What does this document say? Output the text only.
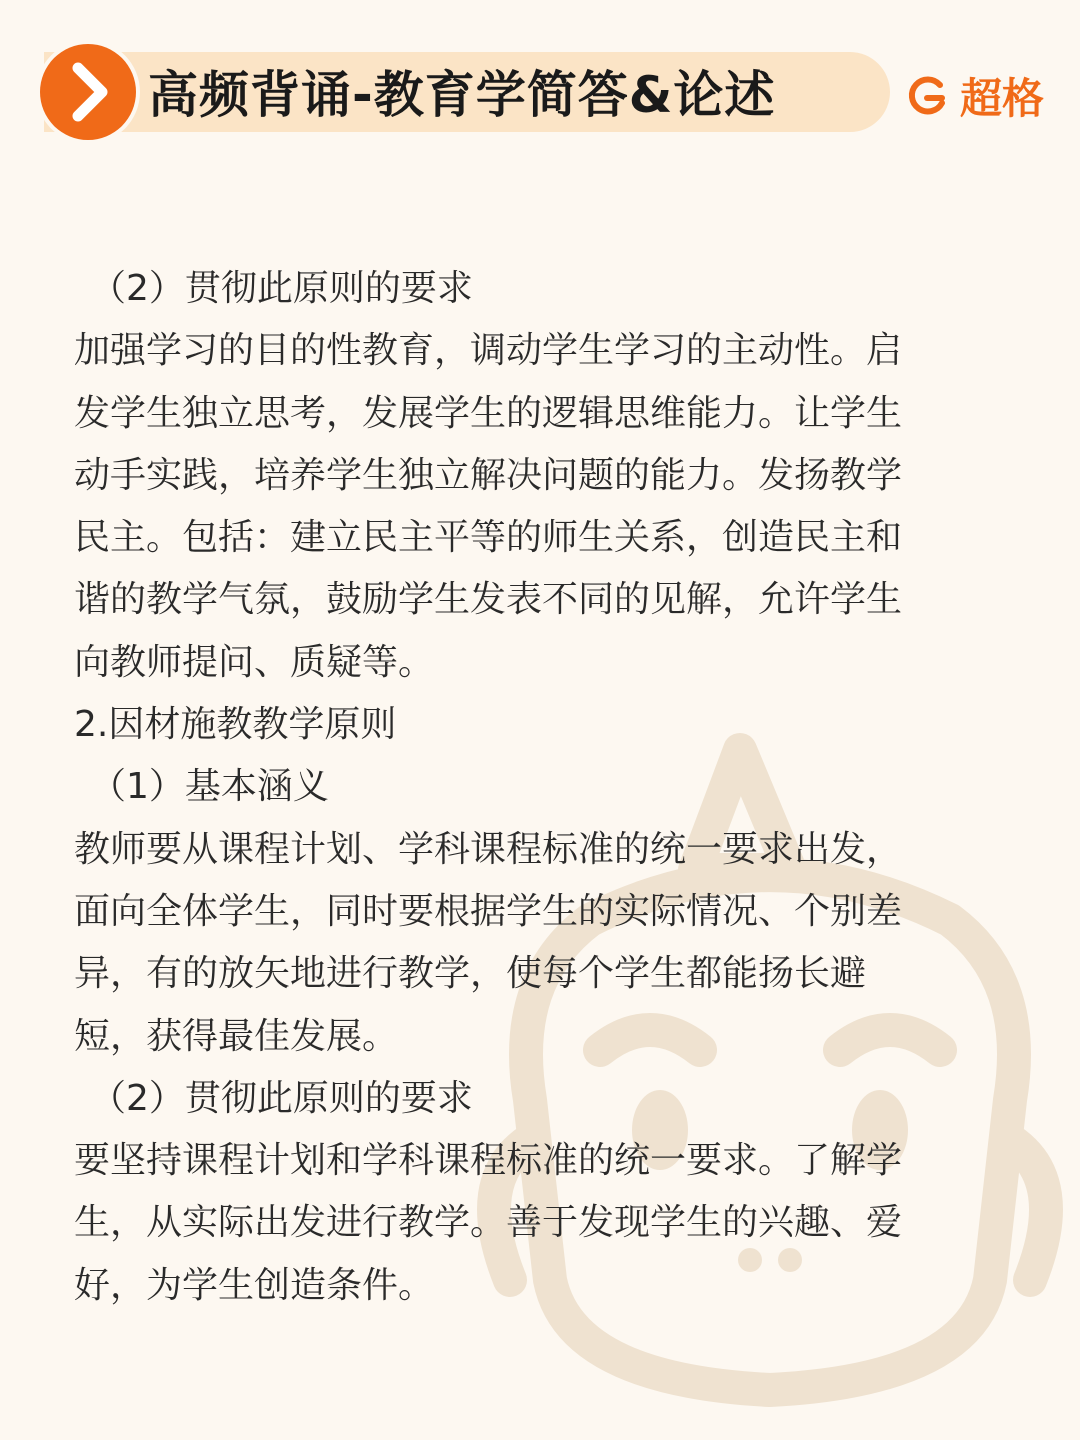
高频背诵-教育学简答&论述	超格
（2）贯彻此原则的要求
加强学习的目的性教育，调动学生学习的主动性。启
发学生独立思考，发展学生的逻辑思维能力。让学生
动手实践，培养学生独立解决问题的能力。发扬教学
民主。包括：建立民主平等的师生关系，创造民主和
谐的教学气氛，鼓励学生发表不同的见解，允许学生
向教师提问、质疑等。
2.因材施教教学原则
（1）基本涵义
教师要从课程计划、学科课程标准的统一要求出发，
面向全体学生，同时要根据学生的实际情况、个别差
异，有的放矢地进行教学，使每个学生都能扬长避
短，获得最佳发展。
（2）贯彻此原则的要求
要坚持课程计划和学科课程标准的统一要求。了解学
生，从实际出发进行教学。善于发现学生的兴趣、爱
好，为学生创造条件。
